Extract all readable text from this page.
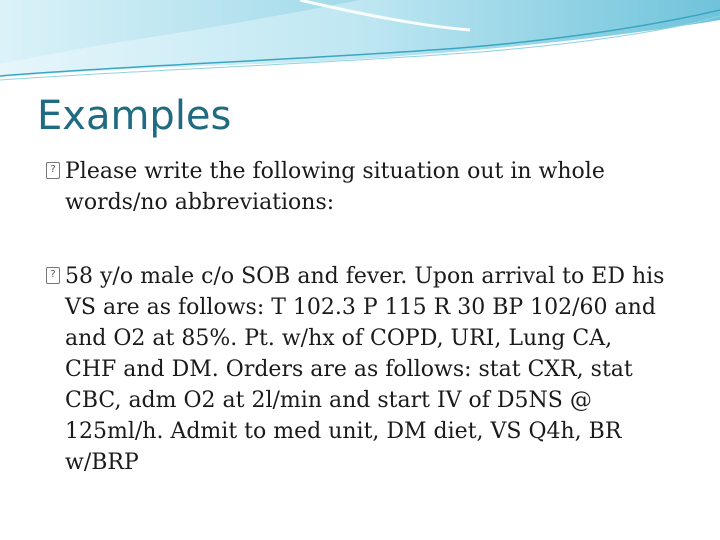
Examples
?
Please write the following situation out in whole
words/no abbreviations:
?
58 y/o male c/o SOB and fever. Upon arrival to ED his
VS are as follows: T 102.3 P 115 R 30 BP 102/60 and
and O2 at 85%. Pt. w/hx of COPD, URI, Lung CA,
CHF and DM. Orders are as follows: stat CXR, stat
CBC, adm O2 at 2l/min and start IV of D5NS @
125ml/h. Admit to med unit, DM diet, VS Q4h, BR
w/BRP
